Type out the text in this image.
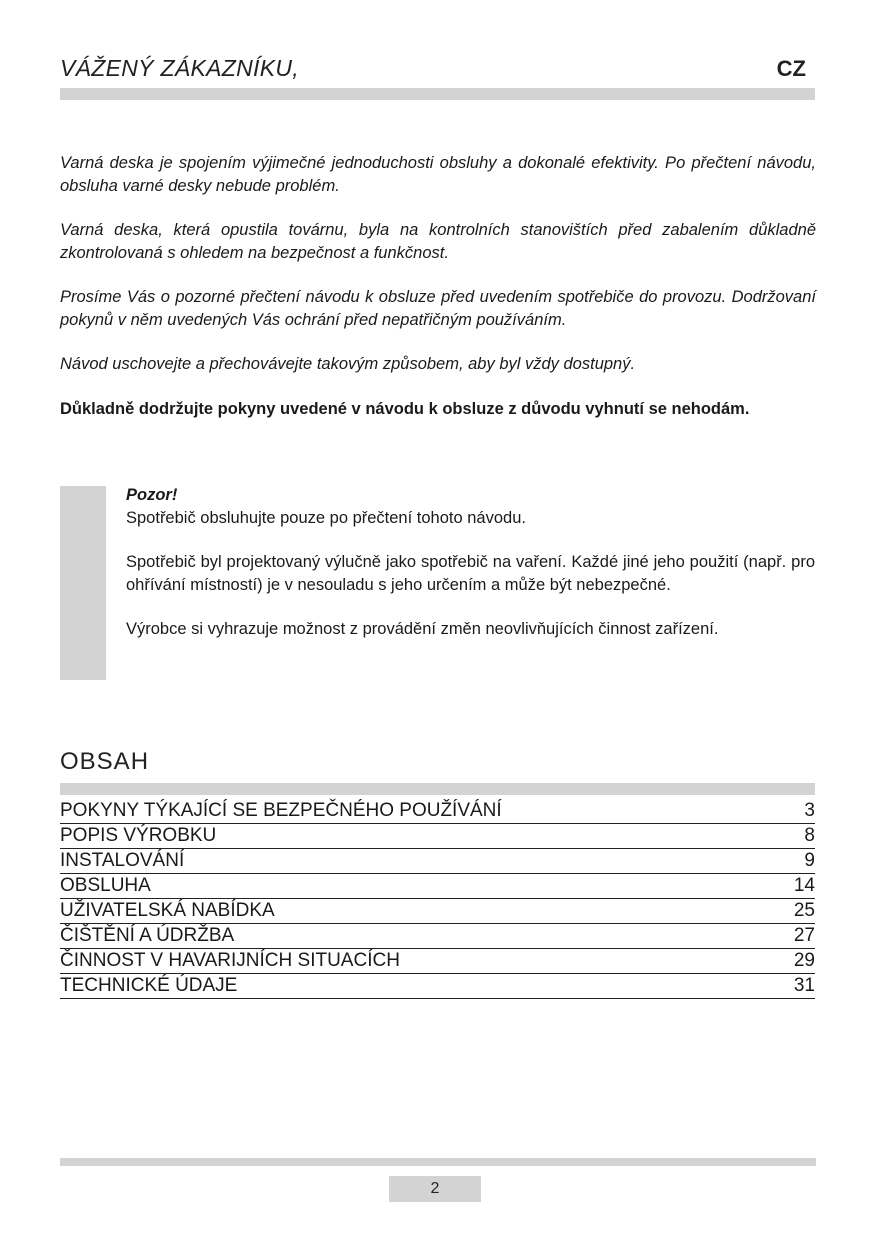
VÁŽENÝ ZÁKAZNÍKU,	CZ

Varná deska je spojením výjimečné jednoduchosti obsluhy a dokonalé efektivity. Po přečtení návodu, obsluha varné desky nebude problém.

Varná deska, která opustila továrnu, byla na kontrolních stanovištích před zabalením důkladně zkontrolovaná s ohledem na bezpečnost a funkčnost.

Prosíme Vás o pozorné přečtení návodu k obsluze před uvedením spotřebiče do provozu. Dodržovaní pokynů v něm uvedených Vás ochrání před nepatřičným používáním.

Návod uschovejte a přechovávejte takovým způsobem, aby byl vždy dostupný.

Důkladně dodržujte pokyny uvedené v návodu k obsluze z důvodu vyhnutí se nehodám.

Pozor!

Spotřebič obsluhujte pouze po přečtení tohoto návodu.

Spotřebič byl projektovaný výlučně jako spotřebič na vaření. Každé jiné jeho použití (např. pro ohřívání místností) je v nesouladu s jeho určením a může být nebezpečné.

Výrobce si vyhrazuje možnost z provádění změn neovlivňujících činnost zařízení.

OBSAH
POKYNY TÝKAJÍCÍ SE BEZPEČNÉHO POUŽÍVÁNÍ	3
POPIS VÝROBKU	8
INSTALOVÁNÍ	9
OBSLUHA	14
UŽIVATELSKÁ NABÍDKA	25
ČIŠTĚNÍ A ÚDRŽBA	27
ČINNOST V HAVARIJNÍCH SITUACÍCH	29
TECHNICKÉ ÚDAJE	31
2
